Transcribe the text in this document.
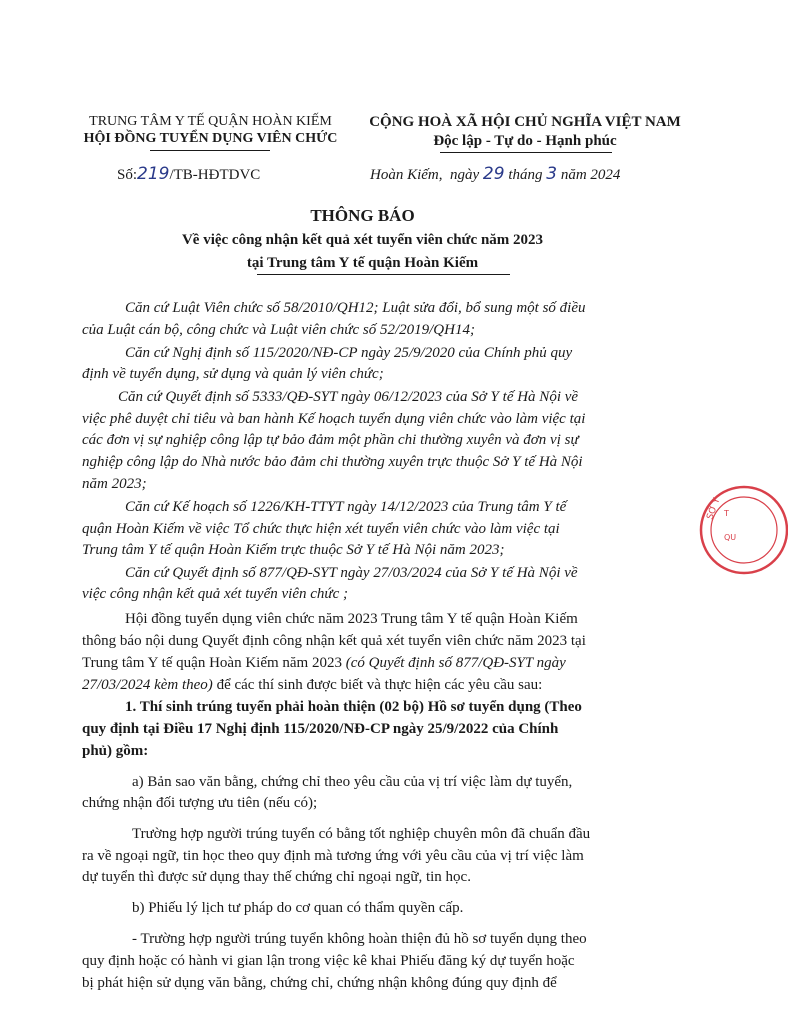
TRUNG TÂM Y TẾ QUẬN HOÀN KIẾM
HỘI ĐỒNG TUYỂN DỤNG VIÊN CHỨC
CỘNG HOÀ XÃ HỘI CHỦ NGHĨA VIỆT NAM
Độc lập - Tự do - Hạnh phúc
Số:219/TB-HĐTDVC	Hoàn Kiếm, ngày 29 tháng 3 năm 2024
THÔNG BÁO
Về việc công nhận kết quả xét tuyển viên chức năm 2023
tại Trung tâm Y tế quận Hoàn Kiếm
Căn cứ Luật Viên chức số 58/2010/QH12; Luật sửa đổi, bổ sung một số điều
của Luật cán bộ, công chức và Luật viên chức số 52/2019/QH14;
Căn cứ Nghị định số 115/2020/NĐ-CP ngày 25/9/2020 của Chính phủ quy
định về tuyển dụng, sử dụng và quản lý viên chức;
Căn cứ Quyết định số 5333/QĐ-SYT ngày 06/12/2023 của Sở Y tế Hà Nội về
việc phê duyệt chỉ tiêu và ban hành Kế hoạch tuyển dụng viên chức vào làm việc tại
các đơn vị sự nghiệp công lập tự bảo đảm một phần chi thường xuyên và đơn vị sự
nghiệp công lập do Nhà nước bảo đảm chi thường xuyên trực thuộc Sở Y tế Hà Nội
năm 2023;
Căn cứ Kế hoạch số 1226/KH-TTYT ngày 14/12/2023 của Trung tâm Y tế
quận Hoàn Kiếm về việc Tổ chức thực hiện xét tuyển viên chức vào làm việc tại
Trung tâm Y tế quận Hoàn Kiếm trực thuộc Sở Y tế Hà Nội năm 2023;
Căn cứ Quyết định số 877/QĐ-SYT ngày 27/03/2024 của Sở Y tế Hà Nội về
việc công nhận kết quả xét tuyển viên chức ;
Hội đồng tuyển dụng viên chức năm 2023 Trung tâm Y tế quận Hoàn Kiếm
thông báo nội dung Quyết định công nhận kết quả xét tuyển viên chức năm 2023 tại
Trung tâm Y tế quận Hoàn Kiếm năm 2023 (có Quyết định số 877/QĐ-SYT ngày
27/03/2024 kèm theo) để các thí sinh được biết và thực hiện các yêu cầu sau:
1. Thí sinh trúng tuyển phải hoàn thiện (02 bộ) Hồ sơ tuyển dụng (Theo
quy định tại Điều 17 Nghị định 115/2020/NĐ-CP ngày 25/9/2022 của Chính
phủ) gồm:
a) Bản sao văn bằng, chứng chỉ theo yêu cầu của vị trí việc làm dự tuyển,
chứng nhận đối tượng ưu tiên (nếu có);
Trường hợp người trúng tuyển có bằng tốt nghiệp chuyên môn đã chuẩn đầu
ra về ngoại ngữ, tin học theo quy định mà tương ứng với yêu cầu của vị trí việc làm
dự tuyển thì được sử dụng thay thế chứng chỉ ngoại ngữ, tin học.
b) Phiếu lý lịch tư pháp do cơ quan có thẩm quyền cấp.
- Trường hợp người trúng tuyển không hoàn thiện đủ hồ sơ tuyển dụng theo
quy định hoặc có hành vi gian lận trong việc kê khai Phiếu đăng ký dự tuyển hoặc
bị phát hiện sử dụng văn bằng, chứng chỉ, chứng nhận không đúng quy định để
SỞ Y
QU
T
